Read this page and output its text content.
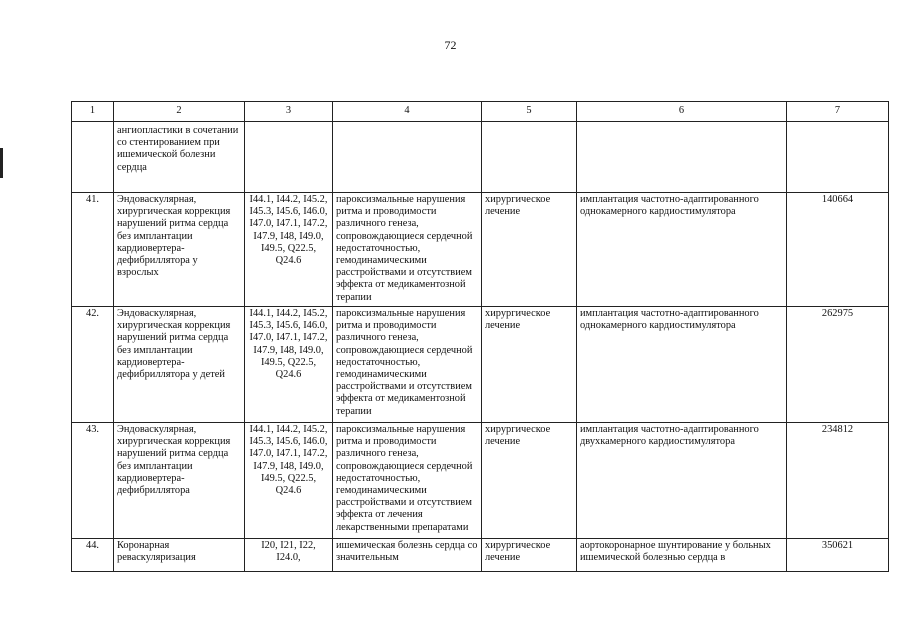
72
1	2	3	4	5	6	7
	ангиопластики в сочетании со стентированием при ишемической болезни сердца					
41.	Эндоваскулярная, хирургическая коррекция нарушений ритма сердца без имплантации кардиовертера-дефибриллятора у взрослых	I44.1, I44.2, I45.2, I45.3, I45.6, I46.0, I47.0, I47.1, I47.2, I47.9, I48, I49.0, I49.5, Q22.5, Q24.6	пароксизмальные нарушения ритма и проводимости различного генеза, сопровождающиеся сердечной недостаточностью, гемодинамическими расстройствами и отсутствием эффекта от медикаментозной терапии	хирургическое лечение	имплантация частотно-адаптированного однокамерного кардиостимулятора	140664
42.	Эндоваскулярная, хирургическая коррекция нарушений ритма сердца без имплантации кардиовертера-дефибриллятора у детей	I44.1, I44.2, I45.2, I45.3, I45.6, I46.0, I47.0, I47.1, I47.2, I47.9, I48, I49.0, I49.5, Q22.5, Q24.6	пароксизмальные нарушения ритма и проводимости различного генеза, сопровождающиеся сердечной недостаточностью, гемодинамическими расстройствами и отсутствием эффекта от медикаментозной терапии	хирургическое лечение	имплантация частотно-адаптированного однокамерного кардиостимулятора	262975
43.	Эндоваскулярная, хирургическая коррекция нарушений ритма сердца без имплантации кардиовертера-дефибриллятора	I44.1, I44.2, I45.2, I45.3, I45.6, I46.0, I47.0, I47.1, I47.2, I47.9, I48, I49.0, I49.5, Q22.5, Q24.6	пароксизмальные нарушения ритма и проводимости различного генеза, сопровождающиеся сердечной недостаточностью, гемодинамическими расстройствами и отсутствием эффекта от лечения лекарственными препаратами	хирургическое лечение	имплантация частотно-адаптированного двухкамерного кардиостимулятора	234812
44.	Коронарная реваскуляризация	I20, I21, I22, I24.0,	ишемическая болезнь сердца со значительным	хирургическое лечение	аортокоронарное шунтирование у больных ишемической болезнью сердца в	350621
